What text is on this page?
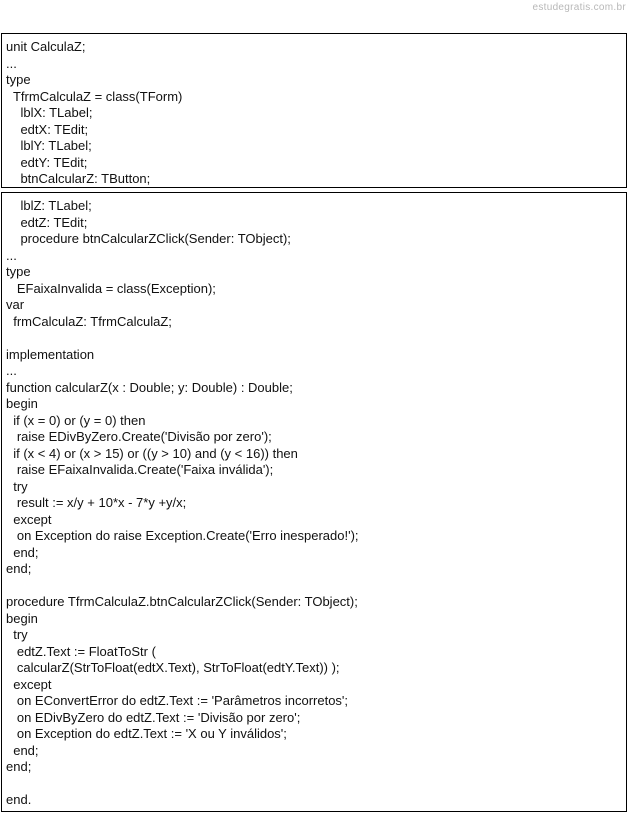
estudegratis.com.br
unit CalculaZ;
...
type
TfrmCalculaZ = class(TForm)
lblX: TLabel;
edtX: TEdit;
lblY: TLabel;
edtY: TEdit;
btnCalcularZ: TButton;
lblZ: TLabel;
edtZ: TEdit;
procedure btnCalcularZClick(Sender: TObject);
...
type
EFaixaInvalida = class(Exception);
var
frmCalculaZ: TfrmCalculaZ;
implementation
...
function calcularZ(x : Double; y: Double) : Double;
begin
if (x = 0) or (y = 0) then
raise EDivByZero.Create('Divisão por zero');
if (x < 4) or (x > 15) or ((y > 10) and (y < 16)) then
raise EFaixaInvalida.Create('Faixa inválida');
try
result := x/y + 10*x - 7*y +y/x;
except
on Exception do raise Exception.Create('Erro inesperado!');
end;
end;
procedure TfrmCalculaZ.btnCalcularZClick(Sender: TObject);
begin
try
edtZ.Text := FloatToStr (
calcularZ(StrToFloat(edtX.Text), StrToFloat(edtY.Text)) );
except
on EConvertError do edtZ.Text := 'Parâmetros incorretos';
on EDivByZero do edtZ.Text := 'Divisão por zero';
on Exception do edtZ.Text := 'X ou Y inválidos';
end;
end;
end.
